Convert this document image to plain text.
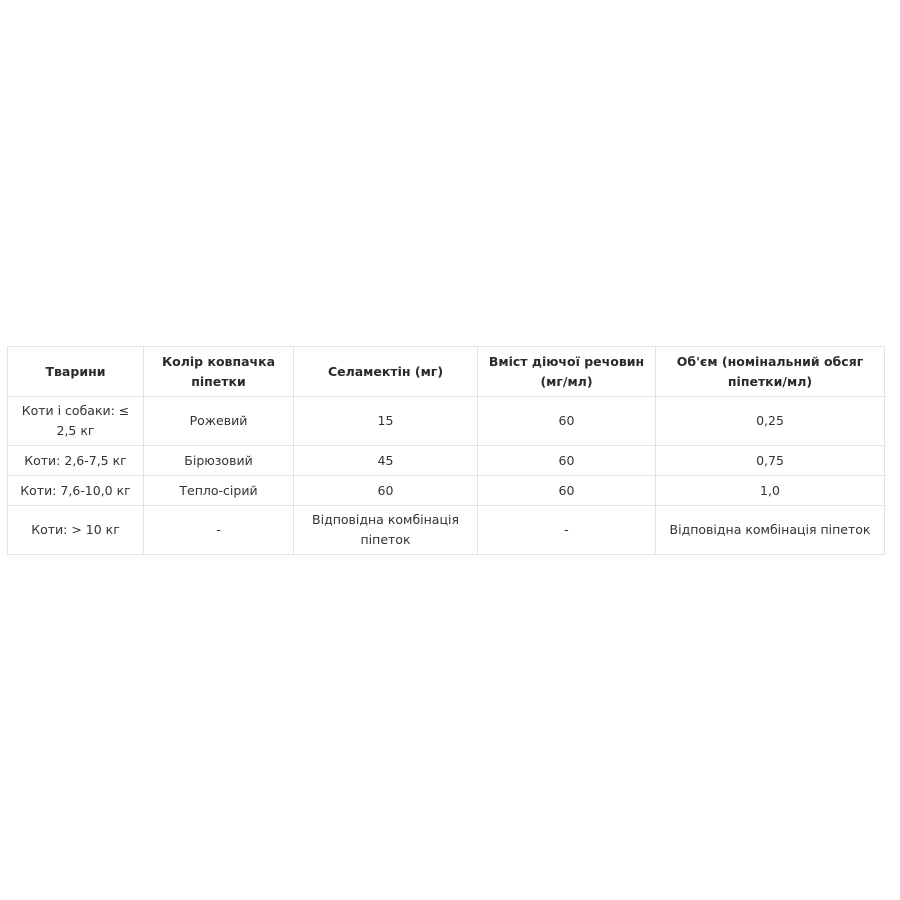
Тварини	Колір ковпачка піпетки	Селамектін (мг)	Вміст діючої речовин (мг/мл)	Об'єм (номінальний обсяг піпетки/мл)
Коти і собаки: ≤ 2,5 кг	Рожевий	15	60	0,25
Коти: 2,6-7,5 кг	Бірюзовий	45	60	0,75
Коти: 7,6-10,0 кг	Тепло-сірий	60	60	1,0
Коти: > 10 кг	-	Відповідна комбінація піпеток	-	Відповідна комбінація піпеток
